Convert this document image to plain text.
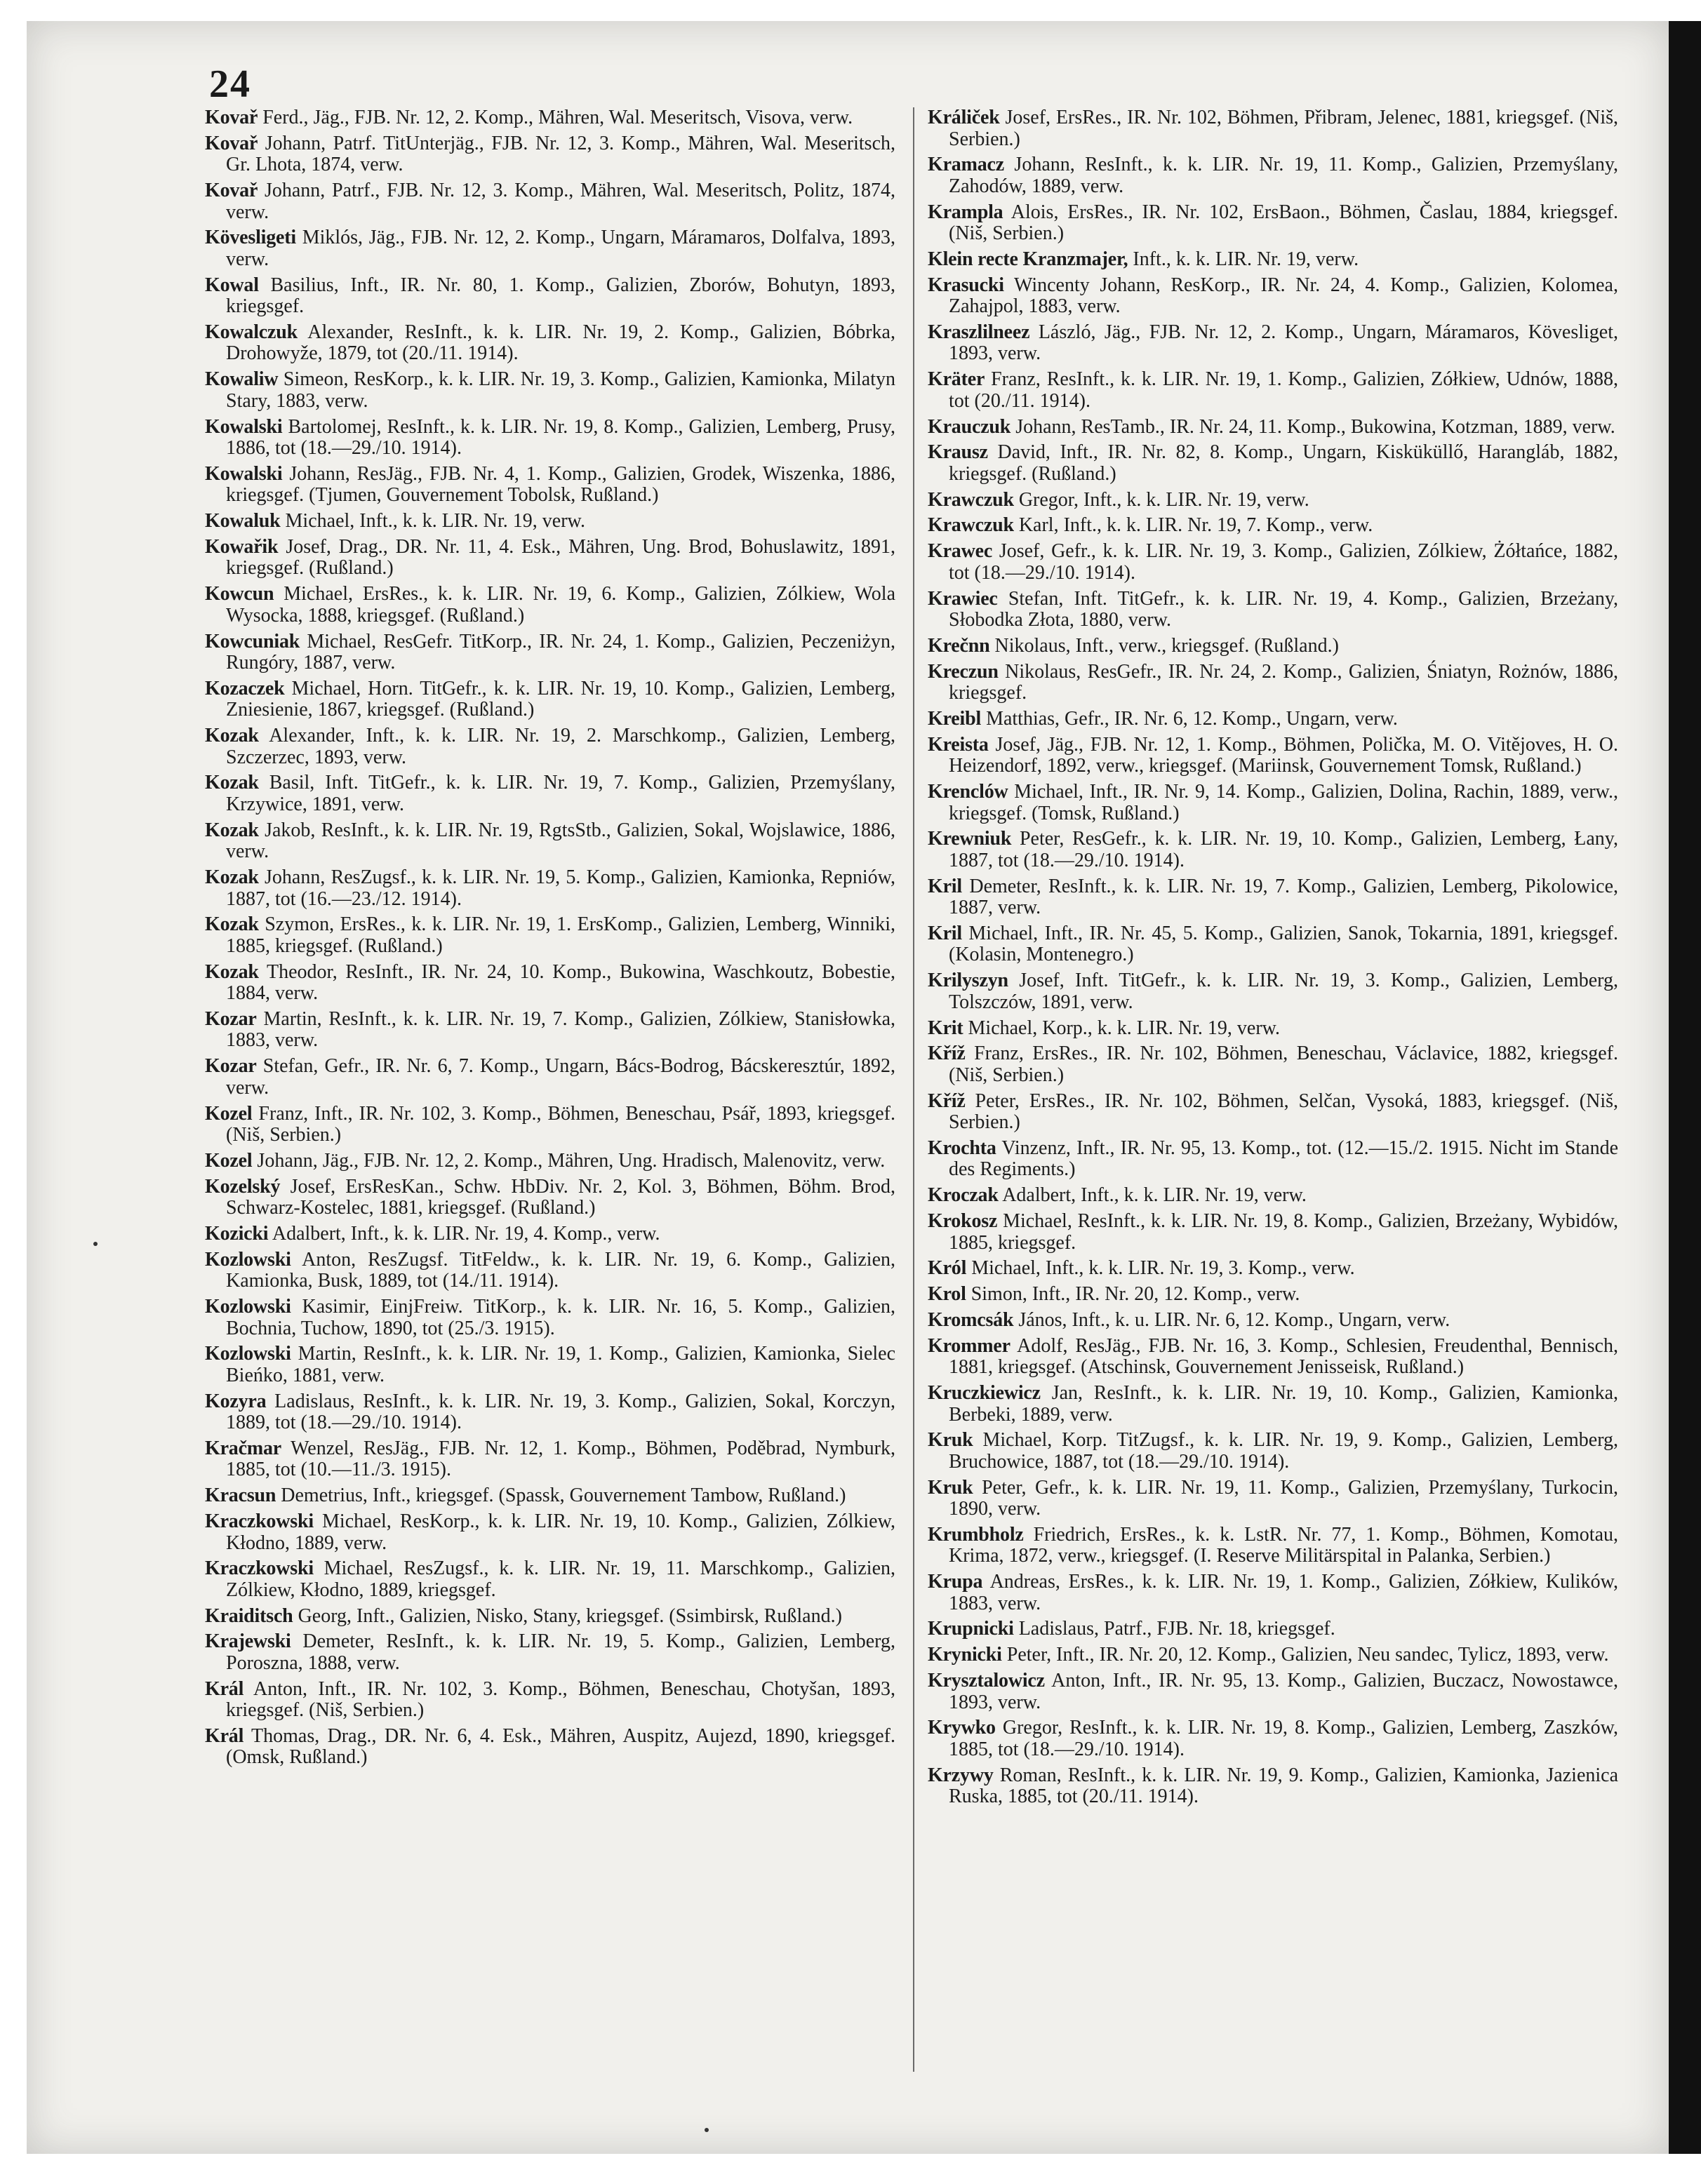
24

Kovař Ferd., Jäg., FJB. Nr. 12, 2. Komp., Mähren, Wal. Meseritsch, Visova, verw.

Kovař Johann, Patrf. TitUnterjäg., FJB. Nr. 12, 3. Komp., Mähren, Wal. Meseritsch, Gr. Lhota, 1874, verw.

Kovař Johann, Patrf., FJB. Nr. 12, 3. Komp., Mähren, Wal. Meseritsch, Politz, 1874, verw.

Kövesligeti Miklós, Jäg., FJB. Nr. 12, 2. Komp., Ungarn, Máramaros, Dolfalva, 1893, verw.

Kowal Basilius, Inft., IR. Nr. 80, 1. Komp., Galizien, Zborów, Bohutyn, 1893, kriegsgef.

Kowalczuk Alexander, ResInft., k. k. LIR. Nr. 19, 2. Komp., Galizien, Bóbrka, Drohowyže, 1879, tot (20./11. 1914).

Kowaliw Simeon, ResKorp., k. k. LIR. Nr. 19, 3. Komp., Galizien, Kamionka, Milatyn Stary, 1883, verw.

Kowalski Bartolomej, ResInft., k. k. LIR. Nr. 19, 8. Komp., Galizien, Lemberg, Prusy, 1886, tot (18.—29./10. 1914).

Kowalski Johann, ResJäg., FJB. Nr. 4, 1. Komp., Galizien, Grodek, Wiszenka, 1886, kriegsgef. (Tjumen, Gouvernement Tobolsk, Rußland.)

Kowaluk Michael, Inft., k. k. LIR. Nr. 19, verw.

Kowařik Josef, Drag., DR. Nr. 11, 4. Esk., Mähren, Ung. Brod, Bohuslawitz, 1891, kriegsgef. (Rußland.)

Kowcun Michael, ErsRes., k. k. LIR. Nr. 19, 6. Komp., Galizien, Zólkiew, Wola Wysocka, 1888, kriegsgef. (Rußland.)

Kowcuniak Michael, ResGefr. TitKorp., IR. Nr. 24, 1. Komp., Galizien, Peczeniżyn, Rungóry, 1887, verw.

Kozaczek Michael, Horn. TitGefr., k. k. LIR. Nr. 19, 10. Komp., Galizien, Lemberg, Zniesienie, 1867, kriegsgef. (Rußland.)

Kozak Alexander, Inft., k. k. LIR. Nr. 19, 2. Marschkomp., Galizien, Lemberg, Szczerzec, 1893, verw.

Kozak Basil, Inft. TitGefr., k. k. LIR. Nr. 19, 7. Komp., Galizien, Przemyślany, Krzywice, 1891, verw.

Kozak Jakob, ResInft., k. k. LIR. Nr. 19, RgtsStb., Galizien, Sokal, Wojslawice, 1886, verw.

Kozak Johann, ResZugsf., k. k. LIR. Nr. 19, 5. Komp., Galizien, Kamionka, Repniów, 1887, tot (16.—23./12. 1914).

Kozak Szymon, ErsRes., k. k. LIR. Nr. 19, 1. ErsKomp., Galizien, Lemberg, Winniki, 1885, kriegsgef. (Rußland.)

Kozak Theodor, ResInft., IR. Nr. 24, 10. Komp., Bukowina, Waschkoutz, Bobestie, 1884, verw.

Kozar Martin, ResInft., k. k. LIR. Nr. 19, 7. Komp., Galizien, Zólkiew, Stanisłowka, 1883, verw.

Kozar Stefan, Gefr., IR. Nr. 6, 7. Komp., Ungarn, Bács-Bodrog, Bácskeresztúr, 1892, verw.

Kozel Franz, Inft., IR. Nr. 102, 3. Komp., Böhmen, Beneschau, Psář, 1893, kriegsgef. (Niš, Serbien.)

Kozel Johann, Jäg., FJB. Nr. 12, 2. Komp., Mähren, Ung. Hradisch, Malenovitz, verw.

Kozelský Josef, ErsResKan., Schw. HbDiv. Nr. 2, Kol. 3, Böhmen, Böhm. Brod, Schwarz-Kostelec, 1881, kriegsgef. (Rußland.)

Kozicki Adalbert, Inft., k. k. LIR. Nr. 19, 4. Komp., verw.

Kozlowski Anton, ResZugsf. TitFeldw., k. k. LIR. Nr. 19, 6. Komp., Galizien, Kamionka, Busk, 1889, tot (14./11. 1914).

Kozlowski Kasimir, EinjFreiw. TitKorp., k. k. LIR. Nr. 16, 5. Komp., Galizien, Bochnia, Tuchow, 1890, tot (25./3. 1915).

Kozlowski Martin, ResInft., k. k. LIR. Nr. 19, 1. Komp., Galizien, Kamionka, Sielec Bieńko, 1881, verw.

Kozyra Ladislaus, ResInft., k. k. LIR. Nr. 19, 3. Komp., Galizien, Sokal, Korczyn, 1889, tot (18.—29./10. 1914).

Kračmar Wenzel, ResJäg., FJB. Nr. 12, 1. Komp., Böhmen, Poděbrad, Nymburk, 1885, tot (10.—11./3. 1915).

Kracsun Demetrius, Inft., kriegsgef. (Spassk, Gouvernement Tambow, Rußland.)

Kraczkowski Michael, ResKorp., k. k. LIR. Nr. 19, 10. Komp., Galizien, Zólkiew, Kłodno, 1889, verw.

Kraczkowski Michael, ResZugsf., k. k. LIR. Nr. 19, 11. Marschkomp., Galizien, Zólkiew, Kłodno, 1889, kriegsgef.

Kraiditsch Georg, Inft., Galizien, Nisko, Stany, kriegsgef. (Ssimbirsk, Rußland.)

Krajewski Demeter, ResInft., k. k. LIR. Nr. 19, 5. Komp., Galizien, Lemberg, Poroszna, 1888, verw.

Král Anton, Inft., IR. Nr. 102, 3. Komp., Böhmen, Beneschau, Chotyšan, 1893, kriegsgef. (Niš, Serbien.)

Král Thomas, Drag., DR. Nr. 6, 4. Esk., Mähren, Auspitz, Aujezd, 1890, kriegsgef. (Omsk, Rußland.)

Králiček Josef, ErsRes., IR. Nr. 102, Böhmen, Přibram, Jelenec, 1881, kriegsgef. (Niš, Serbien.)

Kramacz Johann, ResInft., k. k. LIR. Nr. 19, 11. Komp., Galizien, Przemyślany, Zahodów, 1889, verw.

Krampla Alois, ErsRes., IR. Nr. 102, ErsBaon., Böhmen, Časlau, 1884, kriegsgef. (Niš, Serbien.)

Klein recte Kranzmajer, Inft., k. k. LIR. Nr. 19, verw.

Krasucki Wincenty Johann, ResKorp., IR. Nr. 24, 4. Komp., Galizien, Kolomea, Zahajpol, 1883, verw.

Kraszlilneez László, Jäg., FJB. Nr. 12, 2. Komp., Ungarn, Máramaros, Kövesliget, 1893, verw.

Kräter Franz, ResInft., k. k. LIR. Nr. 19, 1. Komp., Galizien, Zółkiew, Udnów, 1888, tot (20./11. 1914).

Krauczuk Johann, ResTamb., IR. Nr. 24, 11. Komp., Bukowina, Kotzman, 1889, verw.

Krausz David, Inft., IR. Nr. 82, 8. Komp., Ungarn, Kisküküllő, Harangláb, 1882, kriegsgef. (Rußland.)

Krawczuk Gregor, Inft., k. k. LIR. Nr. 19, verw.

Krawczuk Karl, Inft., k. k. LIR. Nr. 19, 7. Komp., verw.

Krawec Josef, Gefr., k. k. LIR. Nr. 19, 3. Komp., Galizien, Zólkiew, Żółtańce, 1882, tot (18.—29./10. 1914).

Krawiec Stefan, Inft. TitGefr., k. k. LIR. Nr. 19, 4. Komp., Galizien, Brzeżany, Słobodka Złota, 1880, verw.

Krečnn Nikolaus, Inft., verw., kriegsgef. (Rußland.)

Kreczun Nikolaus, ResGefr., IR. Nr. 24, 2. Komp., Galizien, Śniatyn, Rożnów, 1886, kriegsgef.

Kreibl Matthias, Gefr., IR. Nr. 6, 12. Komp., Ungarn, verw.

Kreista Josef, Jäg., FJB. Nr. 12, 1. Komp., Böhmen, Polička, M. O. Vitějoves, H. O. Heizendorf, 1892, verw., kriegsgef. (Mariinsk, Gouvernement Tomsk, Rußland.)

Krenclów Michael, Inft., IR. Nr. 9, 14. Komp., Galizien, Dolina, Rachin, 1889, verw., kriegsgef. (Tomsk, Rußland.)

Krewniuk Peter, ResGefr., k. k. LIR. Nr. 19, 10. Komp., Galizien, Lemberg, Łany, 1887, tot (18.—29./10. 1914).

Kril Demeter, ResInft., k. k. LIR. Nr. 19, 7. Komp., Galizien, Lemberg, Pikolowice, 1887, verw.

Kril Michael, Inft., IR. Nr. 45, 5. Komp., Galizien, Sanok, Tokarnia, 1891, kriegsgef. (Kolasin, Montenegro.)

Krilyszyn Josef, Inft. TitGefr., k. k. LIR. Nr. 19, 3. Komp., Galizien, Lemberg, Tolszczów, 1891, verw.

Krit Michael, Korp., k. k. LIR. Nr. 19, verw.

Kříž Franz, ErsRes., IR. Nr. 102, Böhmen, Beneschau, Václavice, 1882, kriegsgef. (Niš, Serbien.)

Kříž Peter, ErsRes., IR. Nr. 102, Böhmen, Selčan, Vysoká, 1883, kriegsgef. (Niš, Serbien.)

Krochta Vinzenz, Inft., IR. Nr. 95, 13. Komp., tot. (12.—15./2. 1915. Nicht im Stande des Regiments.)

Kroczak Adalbert, Inft., k. k. LIR. Nr. 19, verw.

Krokosz Michael, ResInft., k. k. LIR. Nr. 19, 8. Komp., Galizien, Brzeżany, Wybidów, 1885, kriegsgef.

Król Michael, Inft., k. k. LIR. Nr. 19, 3. Komp., verw.

Krol Simon, Inft., IR. Nr. 20, 12. Komp., verw.

Kromcsák János, Inft., k. u. LIR. Nr. 6, 12. Komp., Ungarn, verw.

Krommer Adolf, ResJäg., FJB. Nr. 16, 3. Komp., Schlesien, Freudenthal, Bennisch, 1881, kriegsgef. (Atschinsk, Gouvernement Jenisseisk, Rußland.)

Kruczkiewicz Jan, ResInft., k. k. LIR. Nr. 19, 10. Komp., Galizien, Kamionka, Berbeki, 1889, verw.

Kruk Michael, Korp. TitZugsf., k. k. LIR. Nr. 19, 9. Komp., Galizien, Lemberg, Bruchowice, 1887, tot (18.—29./10. 1914).

Kruk Peter, Gefr., k. k. LIR. Nr. 19, 11. Komp., Galizien, Przemyślany, Turkocin, 1890, verw.

Krumbholz Friedrich, ErsRes., k. k. LstR. Nr. 77, 1. Komp., Böhmen, Komotau, Krima, 1872, verw., kriegsgef. (I. Reserve Militärspital in Palanka, Serbien.)

Krupa Andreas, ErsRes., k. k. LIR. Nr. 19, 1. Komp., Galizien, Zółkiew, Kulików, 1883, verw.

Krupnicki Ladislaus, Patrf., FJB. Nr. 18, kriegsgef.

Krynicki Peter, Inft., IR. Nr. 20, 12. Komp., Galizien, Neu sandec, Tylicz, 1893, verw.

Krysztalowicz Anton, Inft., IR. Nr. 95, 13. Komp., Galizien, Buczacz, Nowostawce, 1893, verw.

Krywko Gregor, ResInft., k. k. LIR. Nr. 19, 8. Komp., Galizien, Lemberg, Zaszków, 1885, tot (18.—29./10. 1914).

Krzywy Roman, ResInft., k. k. LIR. Nr. 19, 9. Komp., Galizien, Kamionka, Jazienica Ruska, 1885, tot (20./11. 1914).
